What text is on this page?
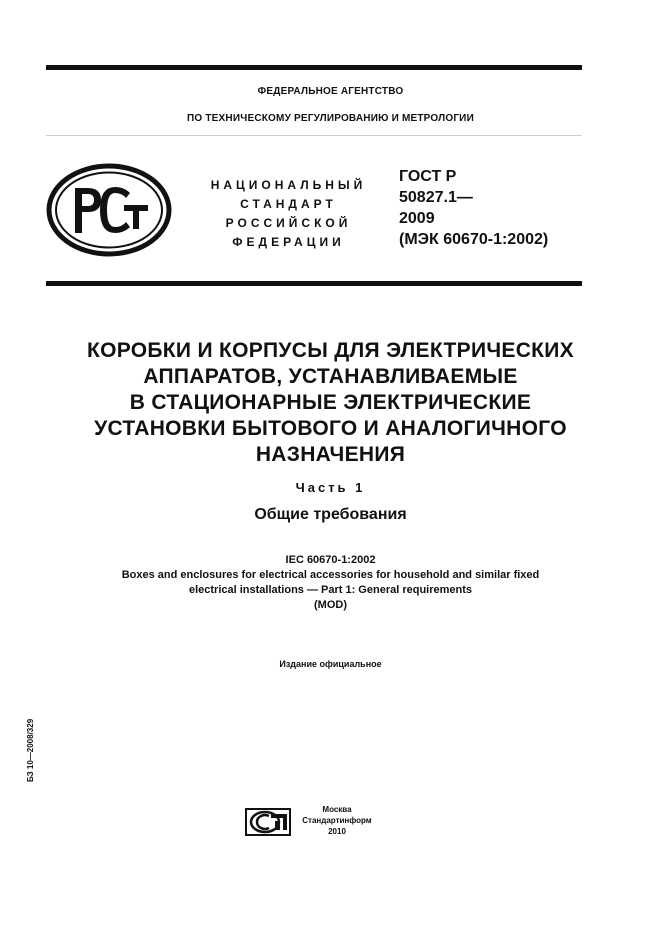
ФЕДЕРАЛЬНОЕ АГЕНТСТВО
ПО ТЕХНИЧЕСКОМУ РЕГУЛИРОВАНИЮ И МЕТРОЛОГИИ
НАЦИОНАЛЬНЫЙ
СТАНДАРТ
РОССИЙСКОЙ
ФЕДЕРАЦИИ
ГОСТ Р
50827.1—
2009
(МЭК 60670-1:2002)
КОРОБКИ И КОРПУСЫ ДЛЯ ЭЛЕКТРИЧЕСКИХ
АППАРАТОВ, УСТАНАВЛИВАЕМЫЕ
В СТАЦИОНАРНЫЕ ЭЛЕКТРИЧЕСКИЕ
УСТАНОВКИ БЫТОВОГО И АНАЛОГИЧНОГО
НАЗНАЧЕНИЯ
Часть 1
Общие требования
IEC 60670-1:2002
Boxes and enclosures for electrical accessories for household and similar fixed
electrical installations — Part 1: General requirements
(MOD)
Издание официальное
БЗ 10—2008/329
Москва
Стандартинформ
2010
